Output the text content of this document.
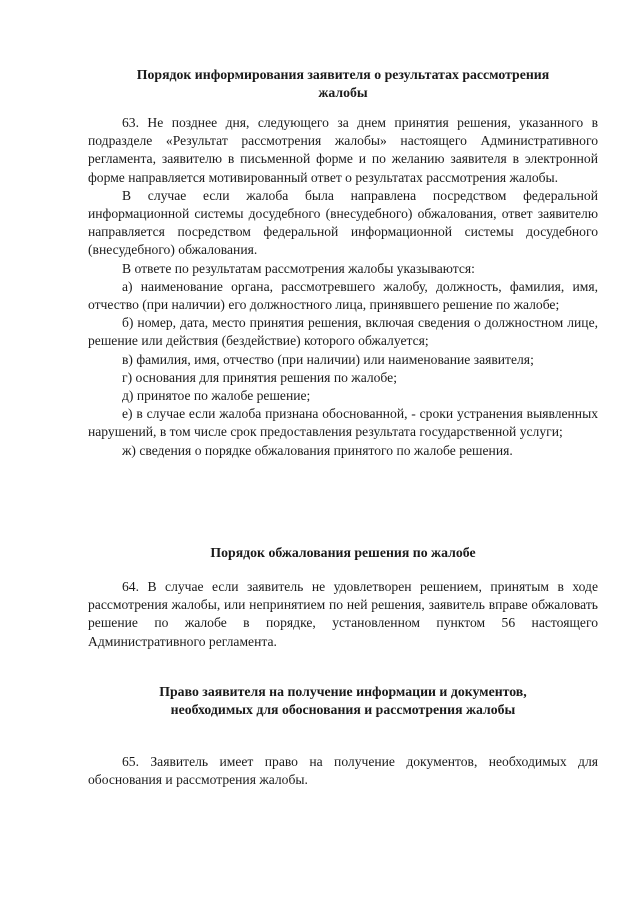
Порядок информирования заявителя о результатах рассмотрения
жалобы

63. Не позднее дня, следующего за днем принятия решения, указанного в подразделе «Результат рассмотрения жалобы» настоящего Административного регламента, заявителю в письменной форме и по желанию заявителя в электронной форме направляется мотивированный ответ о результатах рассмотрения жалобы.

В случае если жалоба была направлена посредством федеральной информационной системы досудебного (внесудебного) обжалования, ответ заявителю направляется посредством федеральной информационной системы досудебного (внесудебного) обжалования.

В ответе по результатам рассмотрения жалобы указываются:

а) наименование органа, рассмотревшего жалобу, должность, фамилия, имя, отчество (при наличии) его должностного лица, принявшего решение по жалобе;

б) номер, дата, место принятия решения, включая сведения о должностном лице, решение или действия (бездействие) которого обжалуется;

в) фамилия, имя, отчество (при наличии) или наименование заявителя;

г) основания для принятия решения по жалобе;

д) принятое по жалобе решение;

е) в случае если жалоба признана обоснованной, - сроки устранения выявленных нарушений, в том числе срок предоставления результата государственной услуги;

ж) сведения о порядке обжалования принятого по жалобе решения.

Порядок обжалования решения по жалобе

64. В случае если заявитель не удовлетворен решением, принятым в ходе рассмотрения жалобы, или непринятием по ней решения, заявитель вправе обжаловать решение по жалобе в порядке, установленном пунктом 56 настоящего Административного регламента.

Право заявителя на получение информации и документов,
необходимых для обоснования и рассмотрения жалобы

65. Заявитель имеет право на получение документов, необходимых для обоснования и рассмотрения жалобы.
